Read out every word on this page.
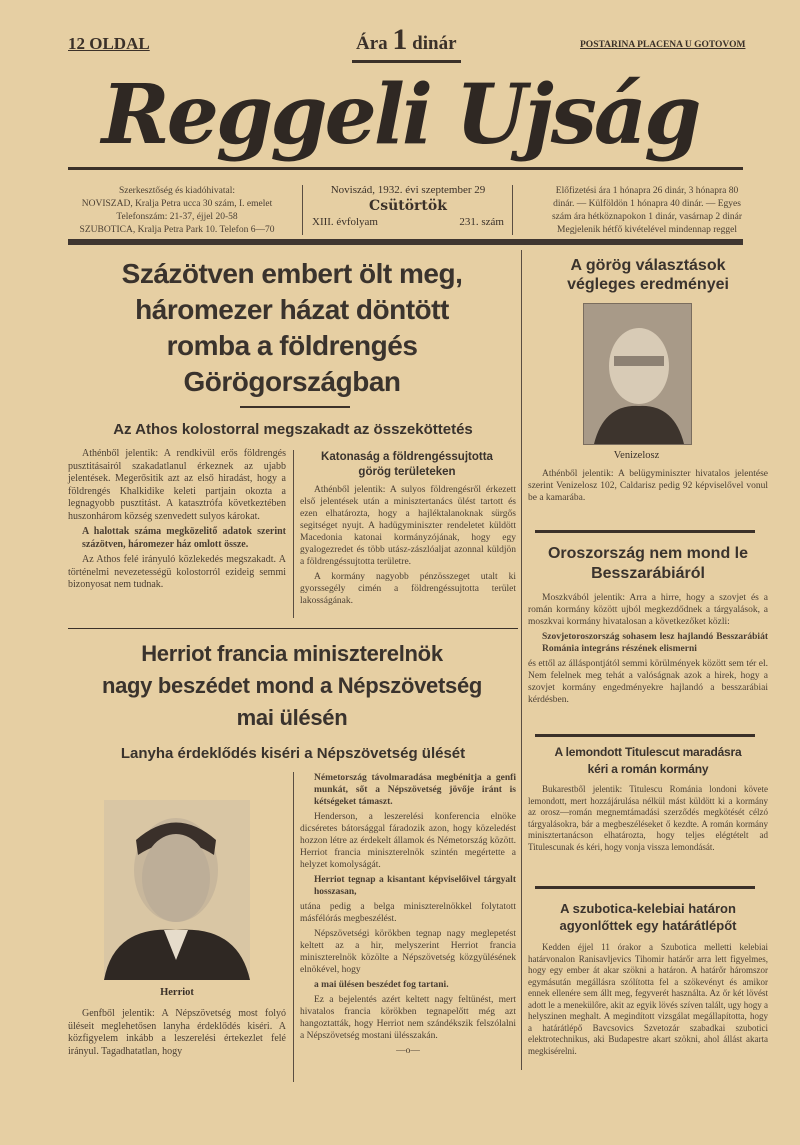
12 OLDAL	Ára 1 dinár	POSTARINA PLACENA U GOTOVOM
Reggeli Ujság
Szerkesztőség és kiadóhivatal:
NOVISZAD, Kralja Petra ucca 30 szám, I. emelet
Telefonszám: 21-37, éjjel 20-58
SZUBOTICA, Kralja Petra Park 10. Telefon 6—70
Noviszád, 1932. évi szeptember 29
Csütörtök
XIII. évfolyam	231. szám
Előfizetési ára 1 hónapra 26 dinár, 3 hónapra 80
dinár. — Külföldön 1 hónapra 40 dinár. — Egyes
szám ára hétköznapokon 1 dinár, vasárnap 2 dinár
Megjelenik hétfő kivételével mindennap reggel
Százötven embert ölt meg,
háromezer házat döntött
romba a földrengés
Görögországban
Az Athos kolostorral megszakadt az összeköttetés

Athénből jelentik: A rendkivül erős földrengés pusztitásairól szakadatlanul érkeznek az ujabb jelentések. Megerősitik azt az első hiradást, hogy a földrengés Khalkidike keleti partjain okozta a legnagyobb pusztitást. A katasztrófa következtében huszonhárom község szenvedett sulyos károkat.

A halottak száma megközelitő adatok szerint százötven, háromezer ház omlott össze.

Az Athos felé irányuló közlekedés megszakadt. A történelmi nevezetességü kolostorról ezideig semmi bizonyosat nem tudnak.

Katonaság a földrengéssujtotta
görög területeken

Athénből jelentik: A sulyos földrengésről érkezett első jelentések után a minisztertanács ülést tartott és ezen elhatározta, hogy a hajléktalanoknak sürgős segitséget nyujt. A hadügyminiszter rendeletet küldött Macedonia katonai kormányzójának, hogy egy gyalogezredet és több utász-zászlóaljat azonnal küldjön a földrengéssujtotta területre.

A kormány nagyobb pénzösszeget utalt ki gyorssegély cimén a földrengéssujtotta terület lakosságának.

A görög választások
végleges eredményei
Venizelosz

Athénből jelentik: A belügyminiszter hivatalos jelentése szerint Venizelosz 102, Caldarisz pedig 92 képviselővel vonul be a kamarába.

Oroszország nem mond le
Besszarábiáról

Moszkvából jelentik: Arra a hirre, hogy a szovjet és a román kormány között ujból megkezdődnek a tárgyalások, a moszkvai kormány hivatalosan a következőket közli:

Szovjetoroszország sohasem lesz hajlandó Besszarábiát Románia integráns részének elismerni

és ettől az álláspontjától semmi körülmények között sem tér el. Nem felelnek meg tehát a valóságnak azok a hirek, hogy a szovjet kormány engedményekre hajlandó a besszarábiai kérdésben.

A lemondott Titulescut maradásra
kéri a román kormány

Bukarestből jelentik: Titulescu Románia londoni követe lemondott, mert hozzájárulása nélkül mást küldött ki a kormány az orosz—román megnemtámadási szerződés megkötését célzó tárgyalásokra, bár a megbeszéléseket ő kezdte. A román kormány minisztertanácson elhatározta, hogy teljes elégtételt ad Titulescunak és kéri, hogy vonja vissza lemondását.

A szubotica-kelebiai határon
agyonlőttek egy határátlépőt

Kedden éjjel 11 órakor a Szubotica melletti kelebiai határvonalon Ranisavljevics Tihomir határőr arra lett figyelmes, hogy egy ember át akar szökni a határon. A határőr háromszor egymásután megállásra szólította fel a szökevényt és amikor ennek ellenére sem állt meg, fegyverét használta. Az őr két lövést adott le a menekülőre, akit az egyik lövés szíven talált, ugy hogy a helyszinen meghalt. A megindított vizsgálat megállapította, hogy a határátlépő Bavcsovics Szvetozár szabadkai szubotici elektrotechnikus, aki Budapestre akart szökni, ahol állást akarta megkisérelni.

Herriot francia miniszterelnök
nagy beszédet mond a Népszövetség
mai ülésén
Lanyha érdeklődés kiséri a Népszövetség ülését
Herriot

Genfből jelentik: A Népszövetség most folyó üléseit meglehetősen lanyha érdeklődés kiséri. A közfigyelem inkább a leszerelési értekezlet felé irányul. Tagadhatatlan, hogy

Németország távolmaradása megbénitja a genfi munkát, sőt a Népszövetség jövője iránt is kétségeket támaszt.

Henderson, a leszerelési konferencia elnöke dicséretes bátorsággal fáradozik azon, hogy közeledést hozzon létre az érdekelt államok és Németország között. Herriot francia miniszterelnök szintén megértette a helyzet komolyságát.

Herriot tegnap a kisantant képviselőivel tárgyalt hosszasan,

utána pedig a belga miniszterelnökkel folytatott másfélórás megbeszélést.

Népszövetségi körökben tegnap nagy meglepetést keltett az a hir, melyszerint Herriot francia miniszterelnök közölte a Népszövetség közgyülésének elnökével, hogy

a mai ülésen beszédet fog tartani.

Ez a bejelentés azért keltett nagy feltünést, mert hivatalos francia körökben tegnapelőtt még azt hangoztatták, hogy Herriot nem szándékszik felszólalni a Népszövetség mostani ülésszakán.

—o—
